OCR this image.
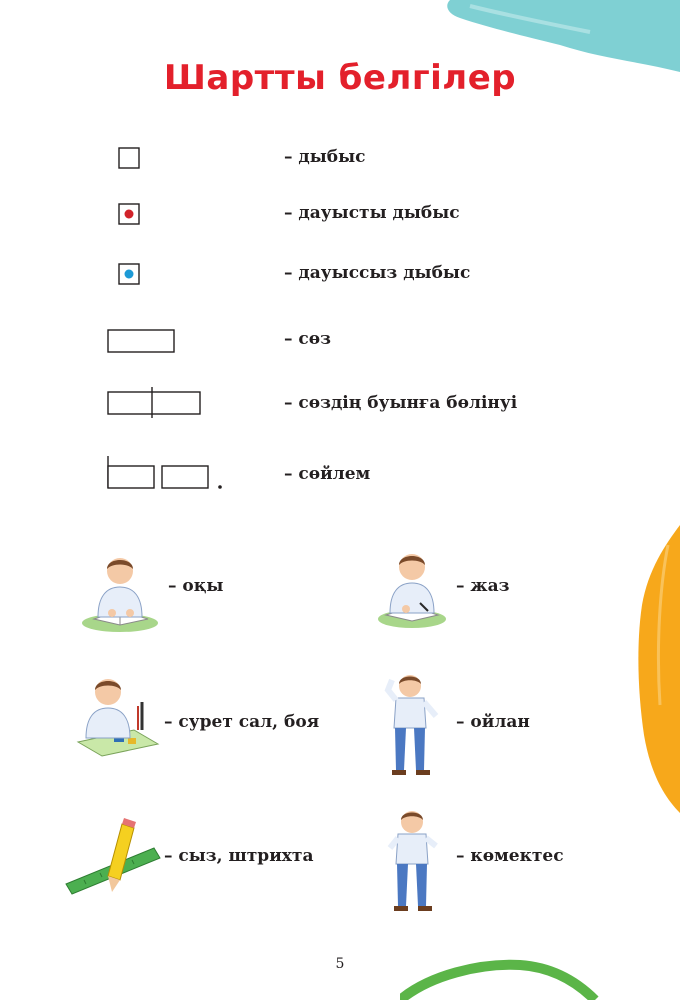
Шартты белгілер
– дыбыс
– дауысты дыбыс
– дауыссыз дыбыс
– сөз
– сөздің буынға бөлінуі
– сөйлем
– оқы	– жаз
– сурет сал, боя	– ойлан
– сыз, штрихта	– көмектес
5
